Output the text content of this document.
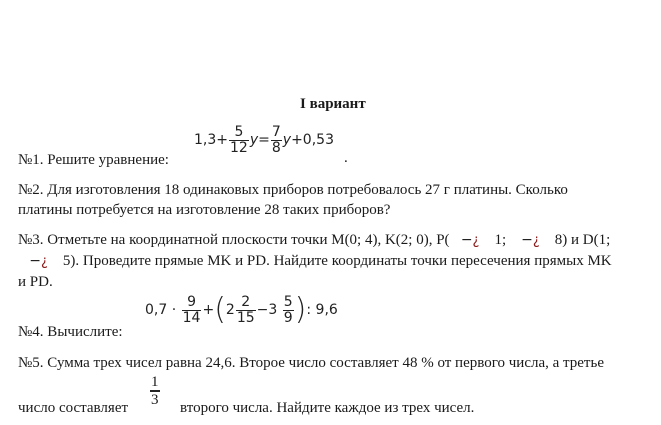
I вариант
№1. Решите уравнение:
$1,3+ \frac{5}{12} y= \frac{7}{8} y+0,53$
.
№2. Для изготовления 18 одинаковых приборов потребовалось 27 г платины. Сколько
платины потребуется на изготовление 28 таких приборов?
№3. Отметьте на координатной плоскости точки M(0; 4), K(2; 0), P( −¿ 1; −¿ 8) и D(1;
−¿ 5). Проведите прямые MK и PD. Найдите координаты точки пересечения прямых MK
и PD.
№4. Вычислите:
$0,7 \cdot \frac{9}{14} +(2 \frac{2}{15} -3 \frac{5}{9}$ ): 9,6
№5. Сумма трех чисел равна 24,6. Второе число составляет 48 % от первого числа, а третье
число составляет
1
3 второго числа. Найдите каждое из трех чисел.
